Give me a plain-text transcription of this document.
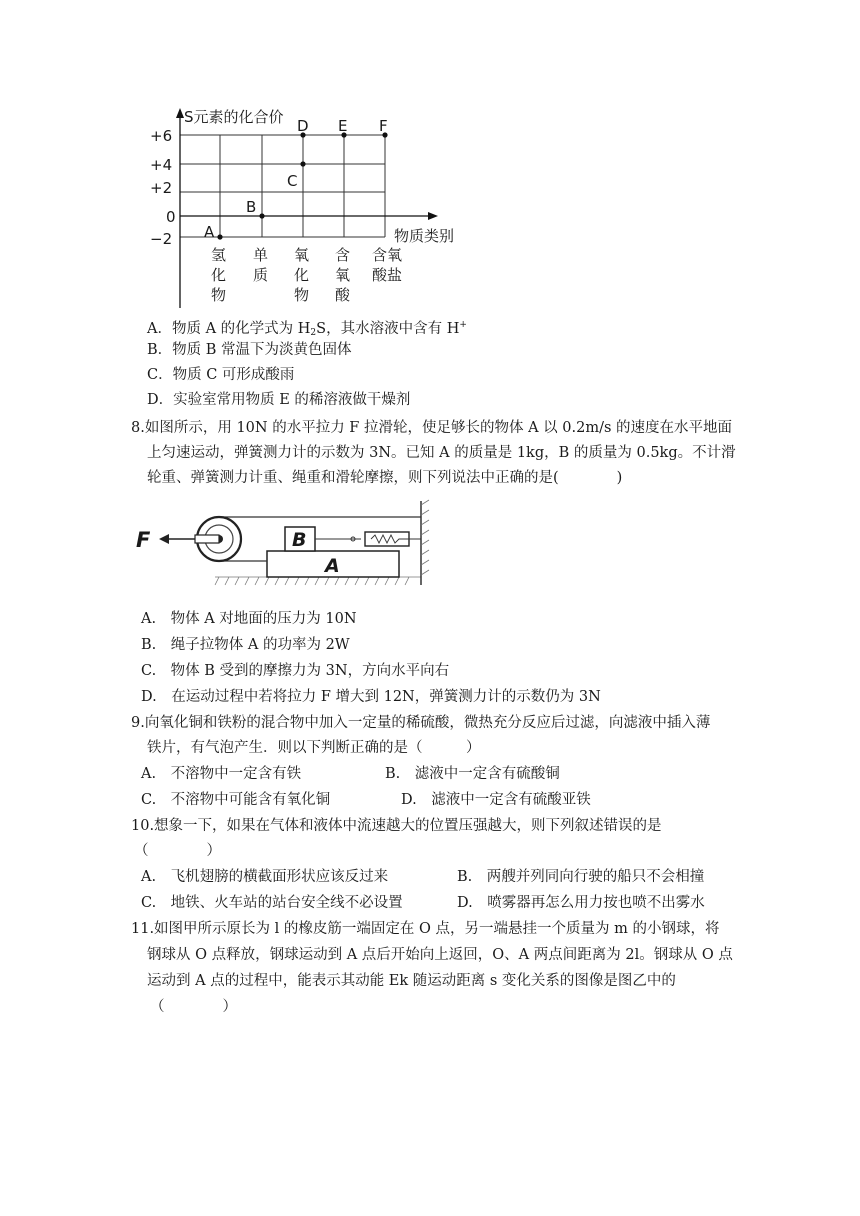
S元素的化合价
物质类别
+6
+4
+2
0
−2 A
B
C
D E F
氢化物
单质
氧化物
含氧酸
含氧酸盐
A．物质 A 的化学式为 $H_2S$，其水溶液中含有 H+
B．物质 B 常温下为淡黄色固体
C．物质 C 可形成酸雨
D．实验室常用物质 E 的稀溶液做干燥剂
8.如图所示，用 10N 的水平拉力 F 拉滑轮，使足够长的物体 A 以 0.2m/s 的速度在水平地面
上匀速运动，弹簧测力计的示数为 3N。已知 A 的质量是 1kg，B 的质量为 0.5kg。不计滑
轮重、弹簧测力计重、绳重和滑轮摩擦，则下列说法中正确的是(　　　　)
A
B
F
A.　物体 A 对地面的压力为 10N
B.　绳子拉物体 A 的功率为 2W
C.　物体 B 受到的摩擦力为 3N，方向水平向右
D.　在运动过程中若将拉力 F 增大到 12N，弹簧测力计的示数仍为 3N
9.向氧化铜和铁粉的混合物中加入一定量的稀硫酸，微热充分反应后过滤，向滤液中插入薄
铁片，有气泡产生．则以下判断正确的是（　　　）
A.　不溶物中一定含有铁	B.　滤液中一定含有硫酸铜
C.　不溶物中可能含有氧化铜	D.　滤液中一定含有硫酸亚铁
10.想象一下，如果在气体和液体中流速越大的位置压强越大，则下列叙述错误的是
（　　　　）
A.　飞机翅膀的横截面形状应该反过来	B.　两艘并列同向行驶的船只不会相撞
C.　地铁、火车站的站台安全线不必设置	D.　喷雾器再怎么用力按也喷不出雾水
11.如图甲所示原长为 l 的橡皮筋一端固定在 O 点，另一端悬挂一个质量为 m 的小钢球，将
钢球从 O 点释放，钢球运动到 A 点后开始向上返回，O、A 两点间距离为 2l。钢球从 O 点
运动到 A 点的过程中，能表示其动能 Ek 随运动距离 s 变化关系的图像是图乙中的
（　　　　）
